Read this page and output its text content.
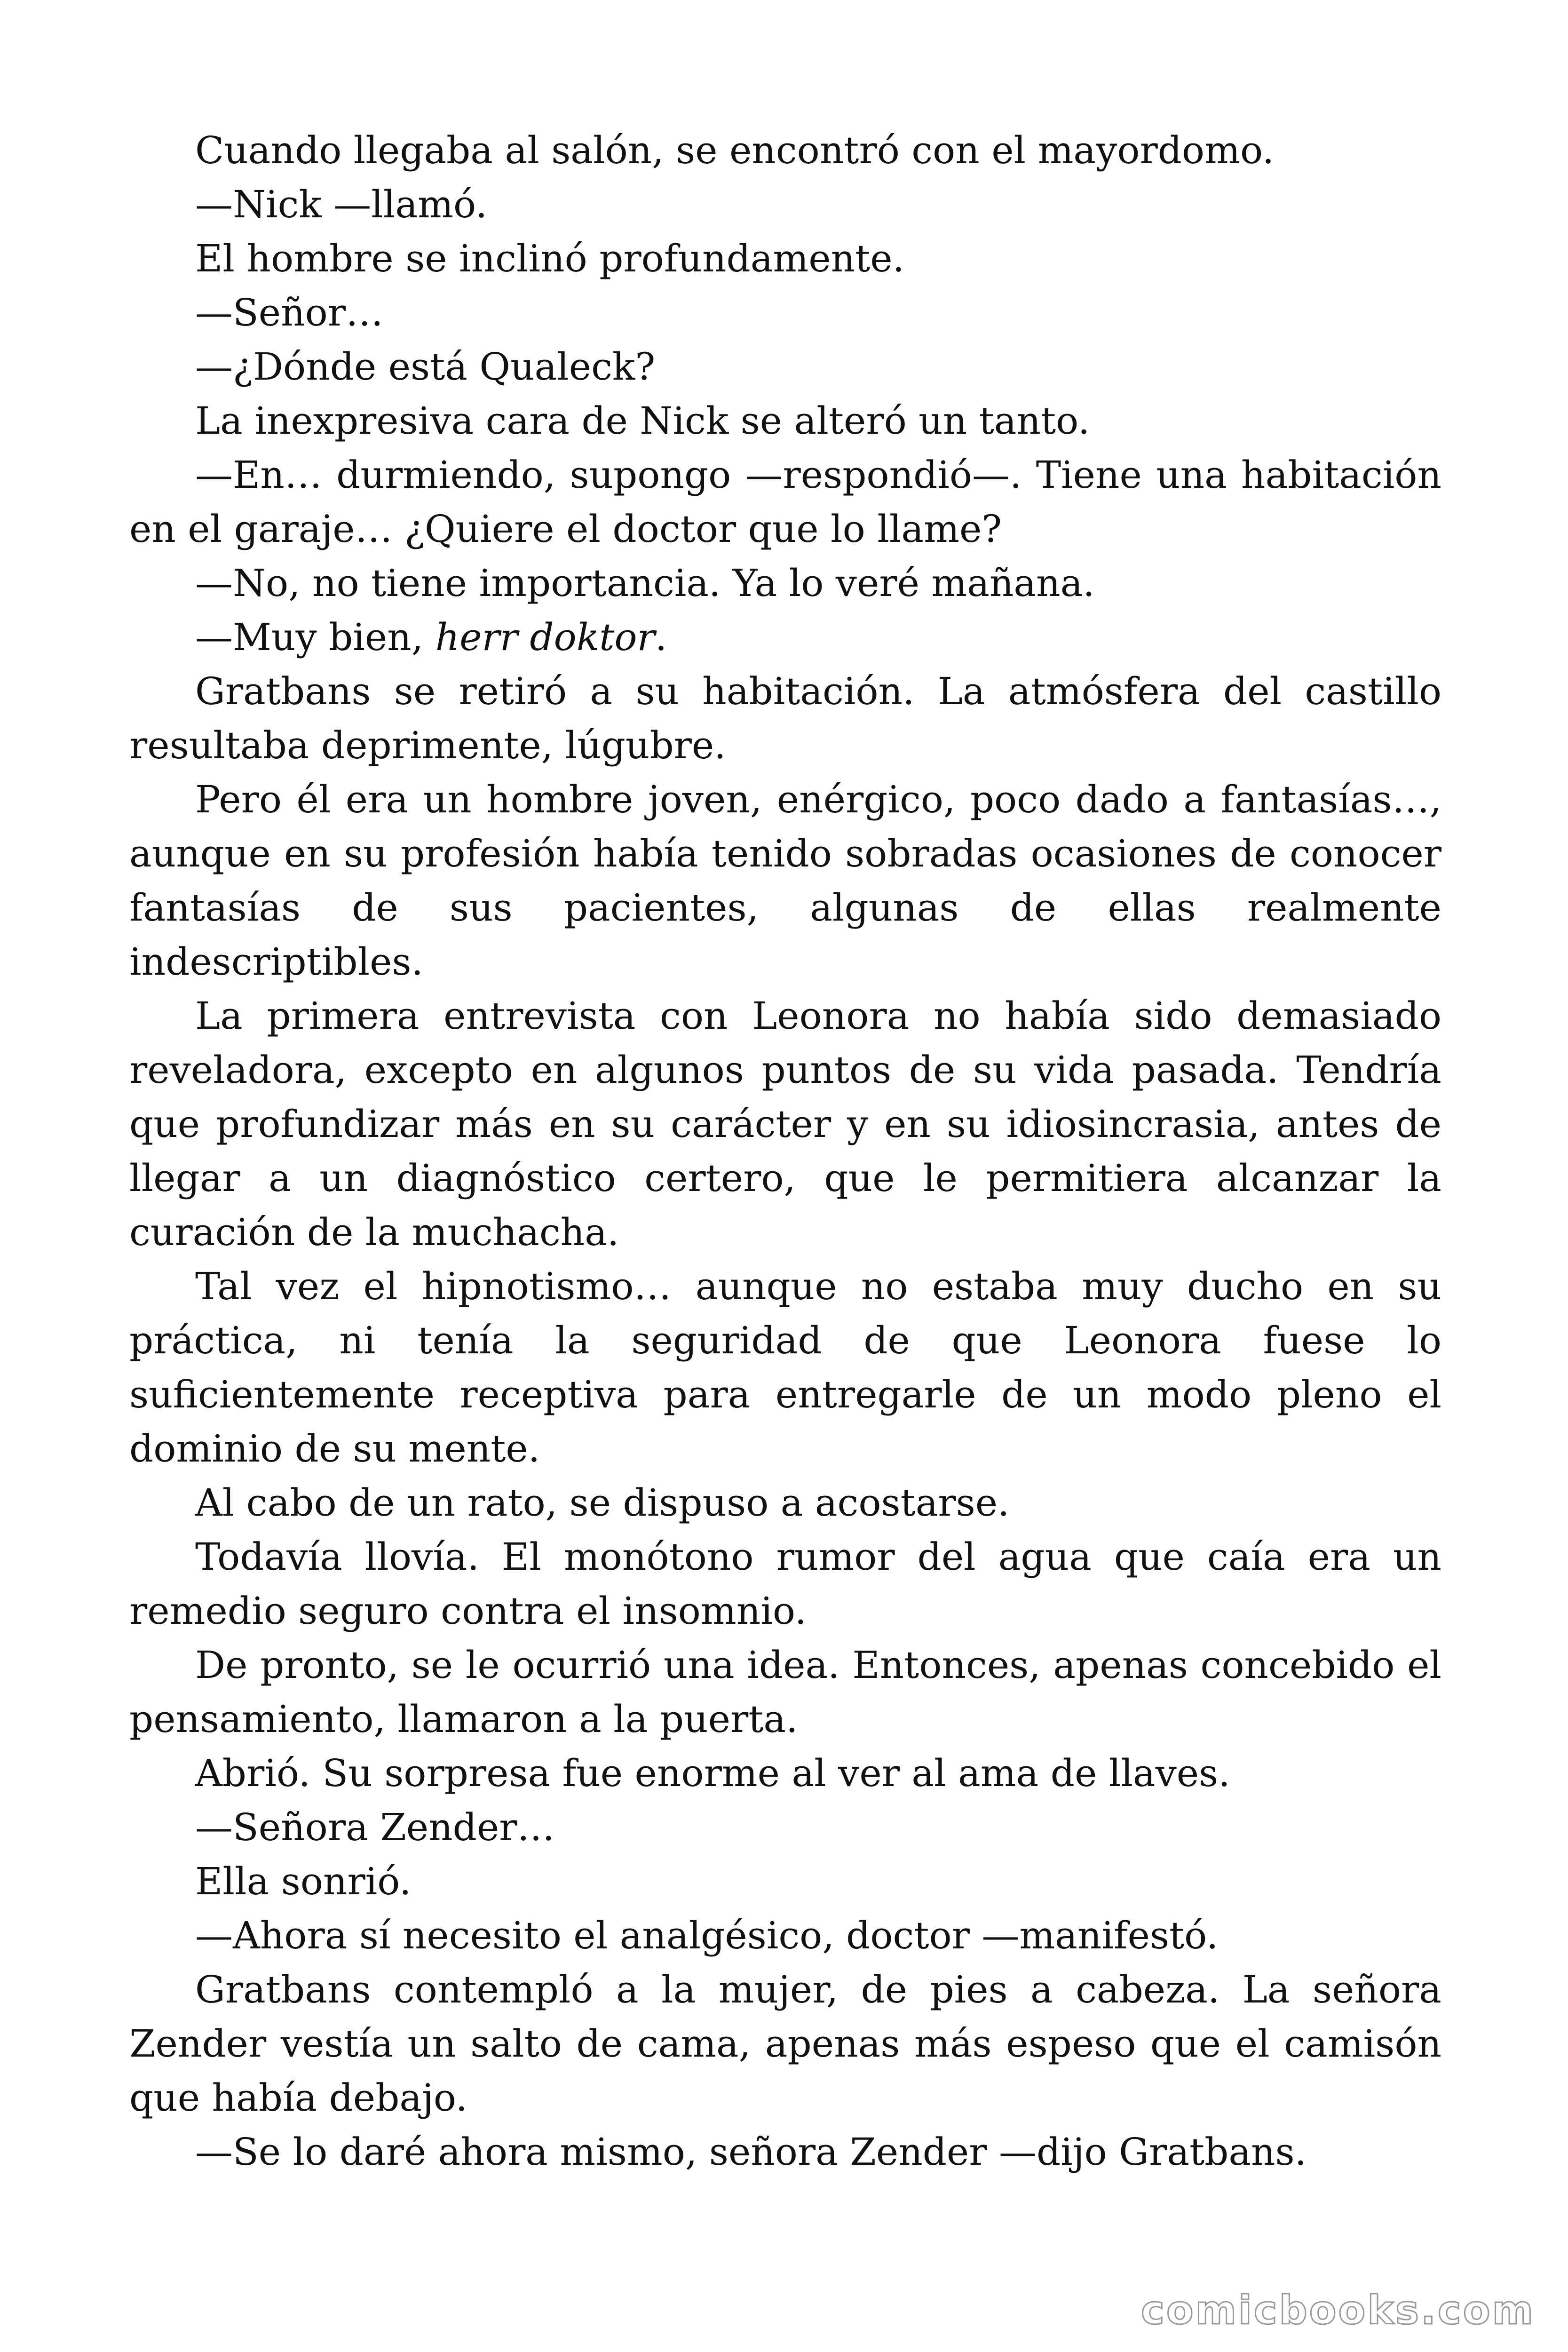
Cuando llegaba al salón, se encontró con el mayordomo.

—Nick —llamó.

El hombre se inclinó profundamente.

—Señor…

—¿Dónde está Qualeck?

La inexpresiva cara de Nick se alteró un tanto.

—En… durmiendo, supongo —respondió—. Tiene una habitación en el garaje… ¿Quiere el doctor que lo llame?

—No, no tiene importancia. Ya lo veré mañana.

—Muy bien, herr doktor.

Gratbans se retiró a su habitación. La atmósfera del castillo resultaba deprimente, lúgubre.

Pero él era un hombre joven, enérgico, poco dado a fantasías…, aunque en su profesión había tenido sobradas ocasiones de conocer fantasías de sus pacientes, algunas de ellas realmente indescriptibles.

La primera entrevista con Leonora no había sido demasiado reveladora, excepto en algunos puntos de su vida pasada. Tendría que profundizar más en su carácter y en su idiosincrasia, antes de llegar a un diagnóstico certero, que le permitiera alcanzar la curación de la muchacha.

Tal vez el hipnotismo… aunque no estaba muy ducho en su práctica, ni tenía la seguridad de que Leonora fuese lo suficientemente receptiva para entregarle de un modo pleno el dominio de su mente.

Al cabo de un rato, se dispuso a acostarse.

Todavía llovía. El monótono rumor del agua que caía era un remedio seguro contra el insomnio.

De pronto, se le ocurrió una idea. Entonces, apenas concebido el pensamiento, llamaron a la puerta.

Abrió. Su sorpresa fue enorme al ver al ama de llaves.

—Señora Zender…

Ella sonrió.

—Ahora sí necesito el analgésico, doctor —manifestó.

Gratbans contempló a la mujer, de pies a cabeza. La señora Zender vestía un salto de cama, apenas más espeso que el camisón que había debajo.

—Se lo daré ahora mismo, señora Zender —dijo Gratbans.

comicbooks.com
